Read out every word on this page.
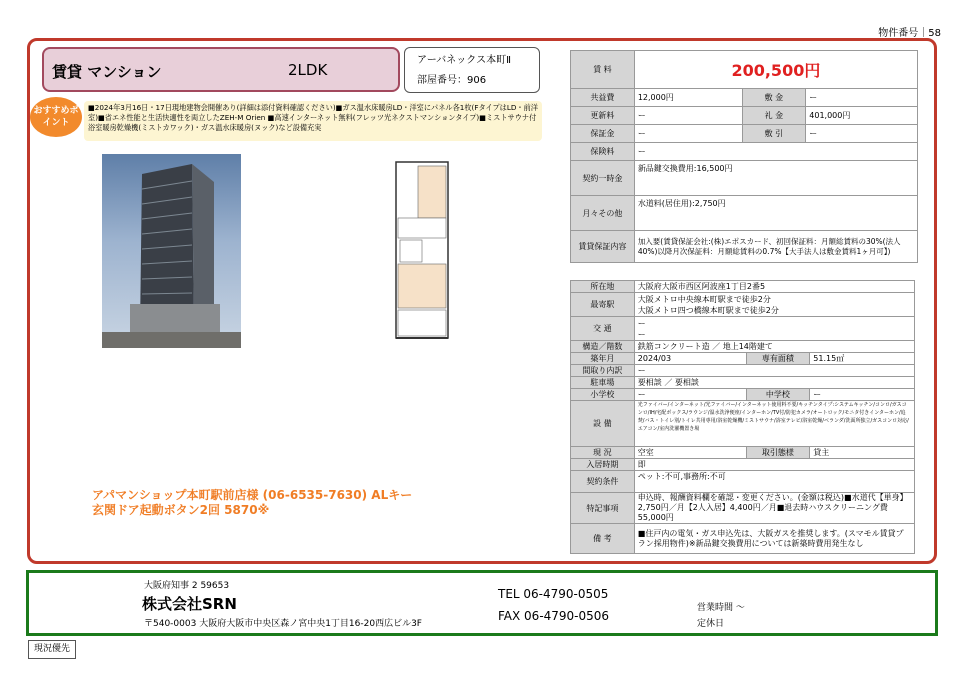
物件番号｜58
賃貸 マンション	2LDK
アーバネックス本町Ⅱ
部屋番号：906
おすすめポイント
■2024年3月16日・17日現地建物会開催あり(詳細は添付資料確認ください)■ガス温水床暖房LD・洋室にパネル各1枚(FタイプはLD・前洋室)■省エネ性能と生活快適性を両立したZEH-M Orien ■高速インターネット無料(フレッツ光ネクストマンションタイプ)■ミストサウナ付浴室暖房乾燥機(ミストカワック)・ガス温水床暖房(ヌック)など設備充実
アパマンショップ本町駅前店様 (06-6535-7630) ALキー
玄関ドア起動ボタン2回 5870※
賃 料	200,500円		
共益費	12,000円	敷 金	ー
更新料	ー	礼 金	401,000円
保証金	ー	敷 引	ー
保険料	ー		
契約一時金	新品鍵交換費用:16,500円		
月々その他	水道料(居住用):2,750円		
賃貸保証内容	加入要(賃貸保証会社:(株)エポスカード、初回保証料：月額総賃料の30%(法人40%)以降月次保証料：月額総賃料の0.7%【大手法人は敷金賃料1ヶ月可】)		
所在地	大阪府大阪市西区阿波座1丁目2番5		
最寄駅	大阪メトロ中央線本町駅まで徒歩2分
大阪メトロ四つ橋線本町駅まで徒歩2分		

交 通	ー
ー		

構造／階数	鉄筋コンクリート造 ／ 地上14階建て		
築年月	2024/03	専有面積	51.15㎡
間取り内訳	ー		
駐車場	要相談 ／ 要相談		
小学校	ー	中学校	ー
設 備	光ファイバー/インターネット/光ファイバー/インターネット使用料不要/キッチンタイプ:システムキッチン/コンロ/ガスコンロ/IH/宅配ボックス/ラウンジ/温水洗浄便座/インターホン/TV付/防犯カメラ/オートロック/モニタ付きインターホン/追焚/バス・トイレ別/トイレ共用専用/浴室乾燥機/ミストサウナ/浴室テレビ/浴室乾燥/ベランダ/洗面所独立/ガスコンロ対応/エアコン/室内洗濯機置き場		
現 況	空室	取引態様	貸主
入居時期	即		
契約条件	ペット:不可,事務所:不可		
特記事項	申込時、報酬資料欄を確認・変更ください。(金額は税込)■水道代【単身】2,750円／月【2人入居】4,400円／月■退去時ハウスクリーニング費55,000円		
備 考	■住戸内の電気・ガス申込先は、大阪ガスを推奨します。(スマモル賃貸プラン採用物件)※新品鍵交換費用については新築時費用発生なし		
大阪府知事 2 59653
株式会社SRN
〒540-0003 大阪府大阪市中央区森ノ宮中央1丁目16-20西広ビル3F
TEL 06-4790-0505
FAX 06-4790-0506
営業時間 ～
定休日
現況優先
